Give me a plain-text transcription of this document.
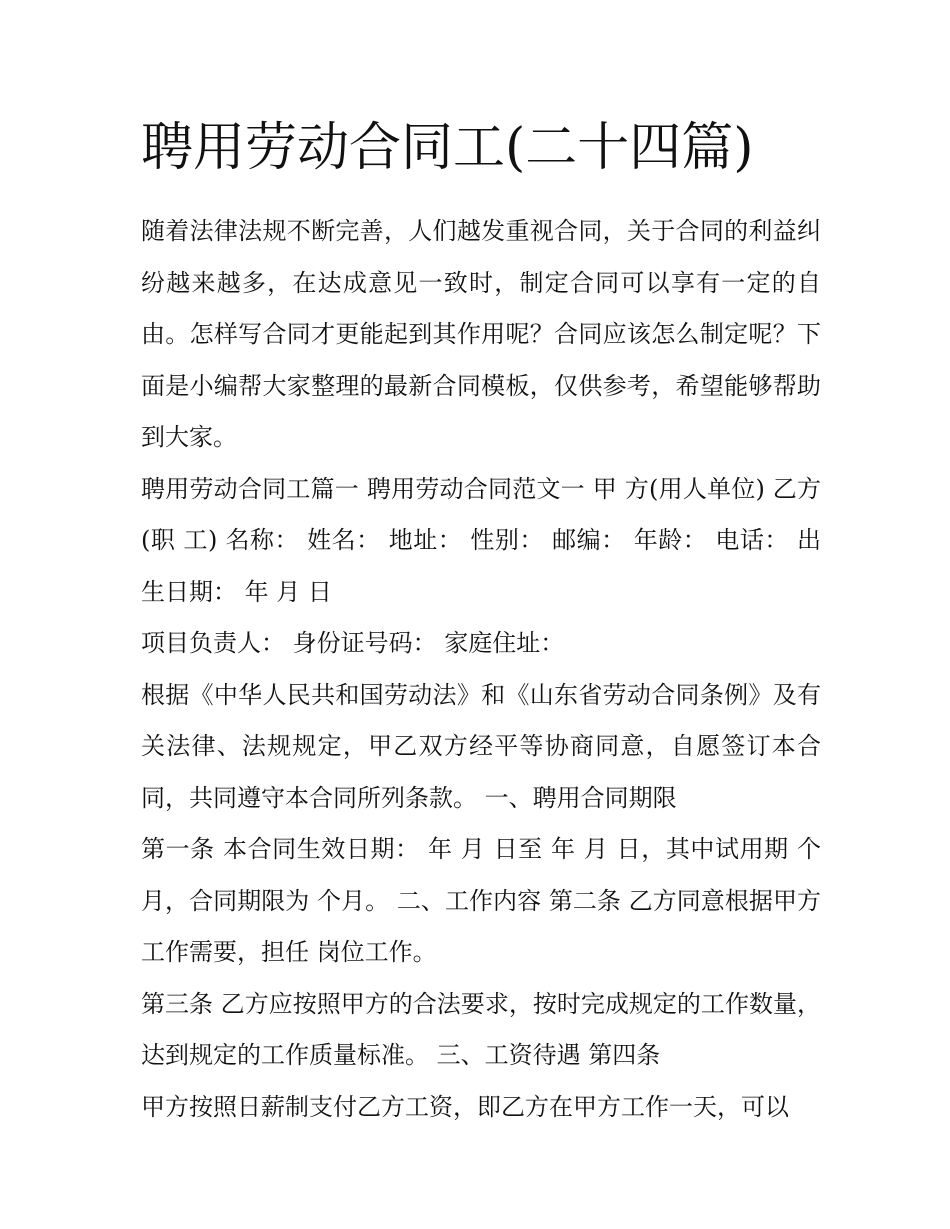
聘用劳动合同工(二十四篇)

随着法律法规不断完善，人们越发重视合同，关于合同的利益纠纷越来越多，在达成意见一致时，制定合同可以享有一定的自由。怎样写合同才更能起到其作用呢？合同应该怎么制定呢？下面是小编帮大家整理的最新合同模板，仅供参考，希望能够帮助到大家。

聘用劳动合同工篇一 聘用劳动合同范文一 甲 方(用人单位) 乙方(职 工) 名称： 姓名： 地址： 性别： 邮编： 年龄： 电话： 出生日期： 年 月 日

项目负责人： 身份证号码： 家庭住址：

根据《中华人民共和国劳动法》和《山东省劳动合同条例》及有关法律、法规规定，甲乙双方经平等协商同意，自愿签订本合同，共同遵守本合同所列条款。 一、聘用合同期限

第一条 本合同生效日期： 年 月 日至 年 月 日，其中试用期 个月，合同期限为 个月。 二、工作内容 第二条 乙方同意根据甲方工作需要，担任 岗位工作。

第三条 乙方应按照甲方的合法要求，按时完成规定的工作数量，达到规定的工作质量标准。 三、工资待遇 第四条

甲方按照日薪制支付乙方工资，即乙方在甲方工作一天，可以
